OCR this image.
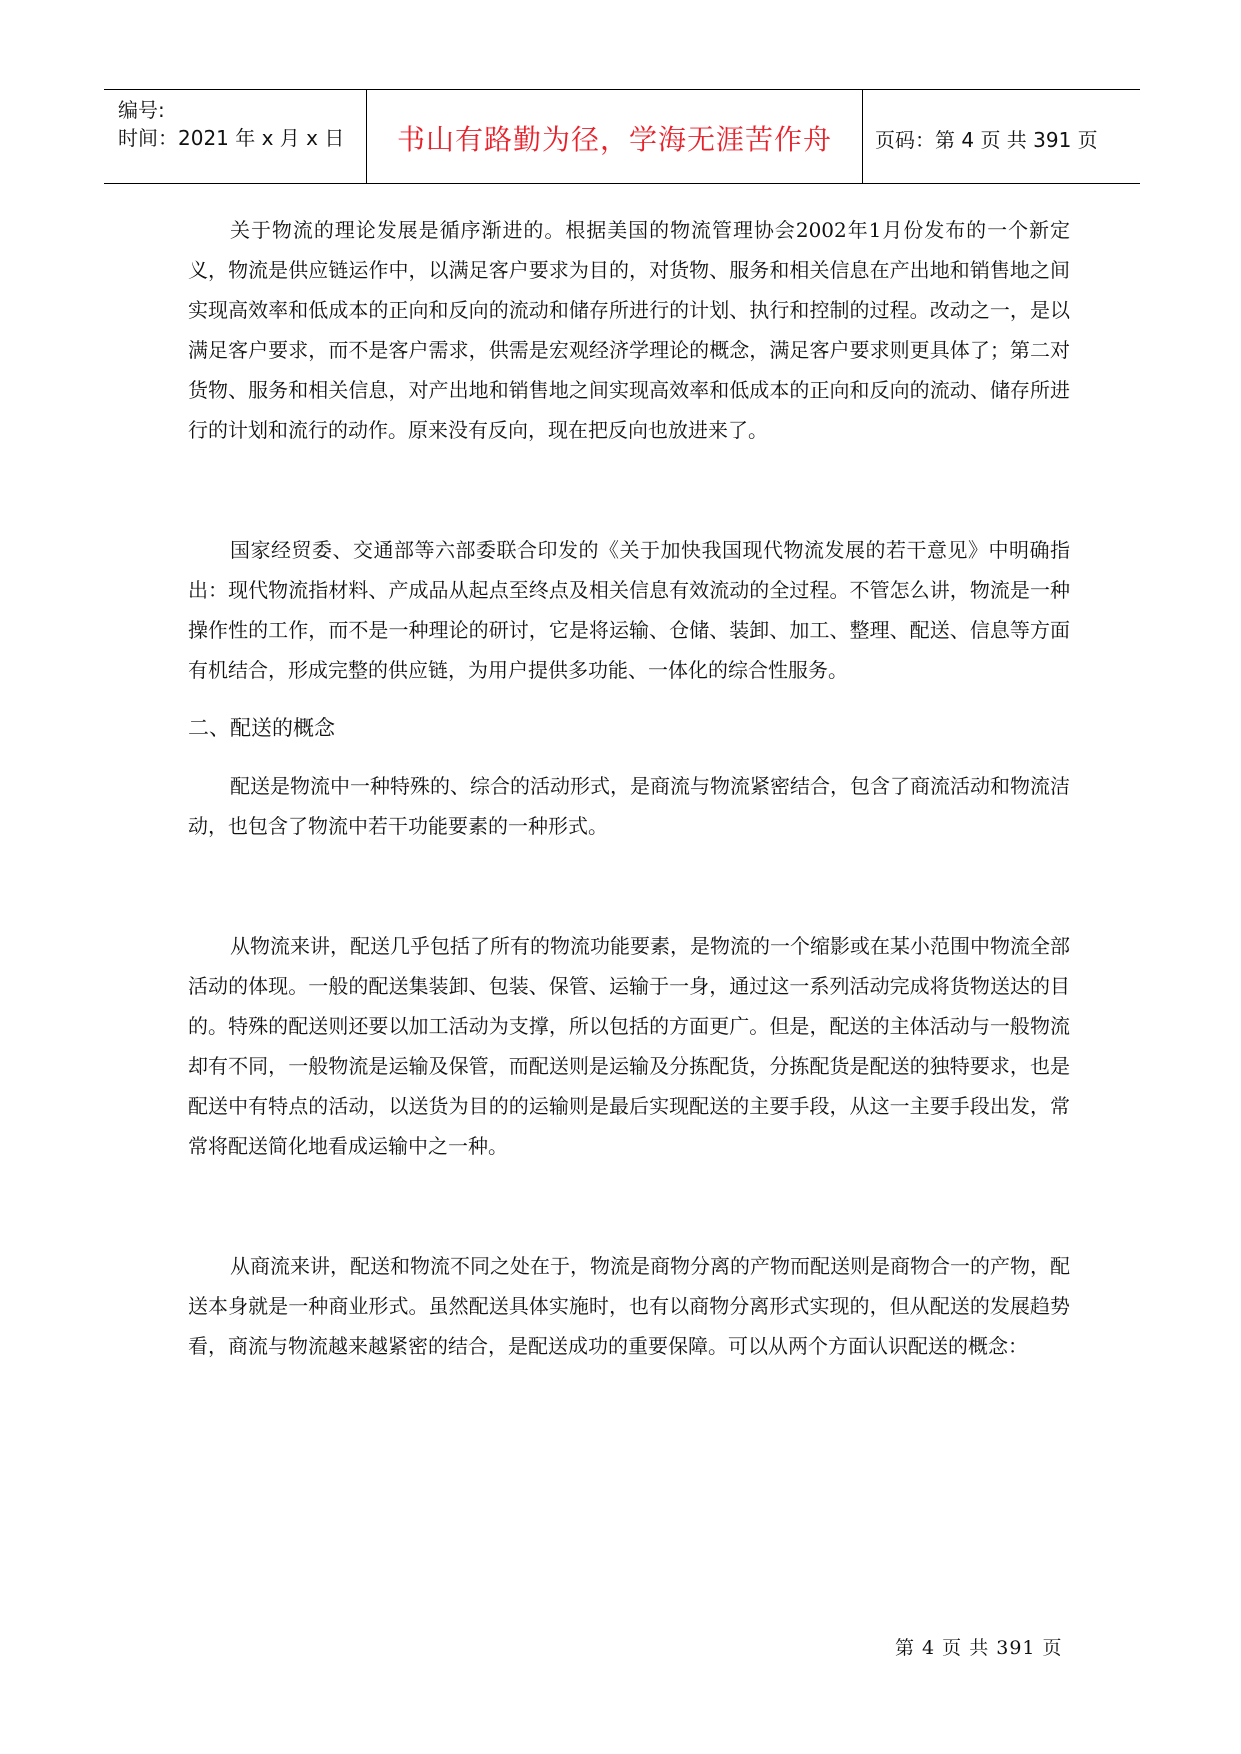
编号:
时间：2021 年 x 月 x 日	书山有路勤为径，学海无涯苦作舟	页码：第 4 页 共 391 页

关于物流的理论发展是循序渐进的。根据美国的物流管理协会2002年1月份发布的一个新定义，物流是供应链运作中，以满足客户要求为目的，对货物、服务和相关信息在产出地和销售地之间实现高效率和低成本的正向和反向的流动和储存所进行的计划、执行和控制的过程。改动之一，是以满足客户要求，而不是客户需求，供需是宏观经济学理论的概念，满足客户要求则更具体了；第二对货物、服务和相关信息，对产出地和销售地之间实现高效率和低成本的正向和反向的流动、储存所进行的计划和流行的动作。原来没有反向，现在把反向也放进来了。

国家经贸委、交通部等六部委联合印发的《关于加快我国现代物流发展的若干意见》中明确指出：现代物流指材料、产成品从起点至终点及相关信息有效流动的全过程。不管怎么讲，物流是一种操作性的工作，而不是一种理论的研讨，它是将运输、仓储、装卸、加工、整理、配送、信息等方面有机结合，形成完整的供应链，为用户提供多功能、一体化的综合性服务。

二、配送的概念

配送是物流中一种特殊的、综合的活动形式，是商流与物流紧密结合，包含了商流活动和物流洁动，也包含了物流中若干功能要素的一种形式。

从物流来讲，配送几乎包括了所有的物流功能要素，是物流的一个缩影或在某小范围中物流全部活动的体现。一般的配送集装卸、包装、保管、运输于一身，通过这一系列活动完成将货物送达的目的。特殊的配送则还要以加工活动为支撑，所以包括的方面更广。但是，配送的主体活动与一般物流却有不同，一般物流是运输及保管，而配送则是运输及分拣配货，分拣配货是配送的独特要求，也是配送中有特点的活动，以送货为目的的运输则是最后实现配送的主要手段，从这一主要手段出发，常常将配送简化地看成运输中之一种。

从商流来讲，配送和物流不同之处在于，物流是商物分离的产物而配送则是商物合一的产物，配送本身就是一种商业形式。虽然配送具体实施时，也有以商物分离形式实现的，但从配送的发展趋势看，商流与物流越来越紧密的结合，是配送成功的重要保障。可以从两个方面认识配送的概念：

第 4 页 共 391 页
